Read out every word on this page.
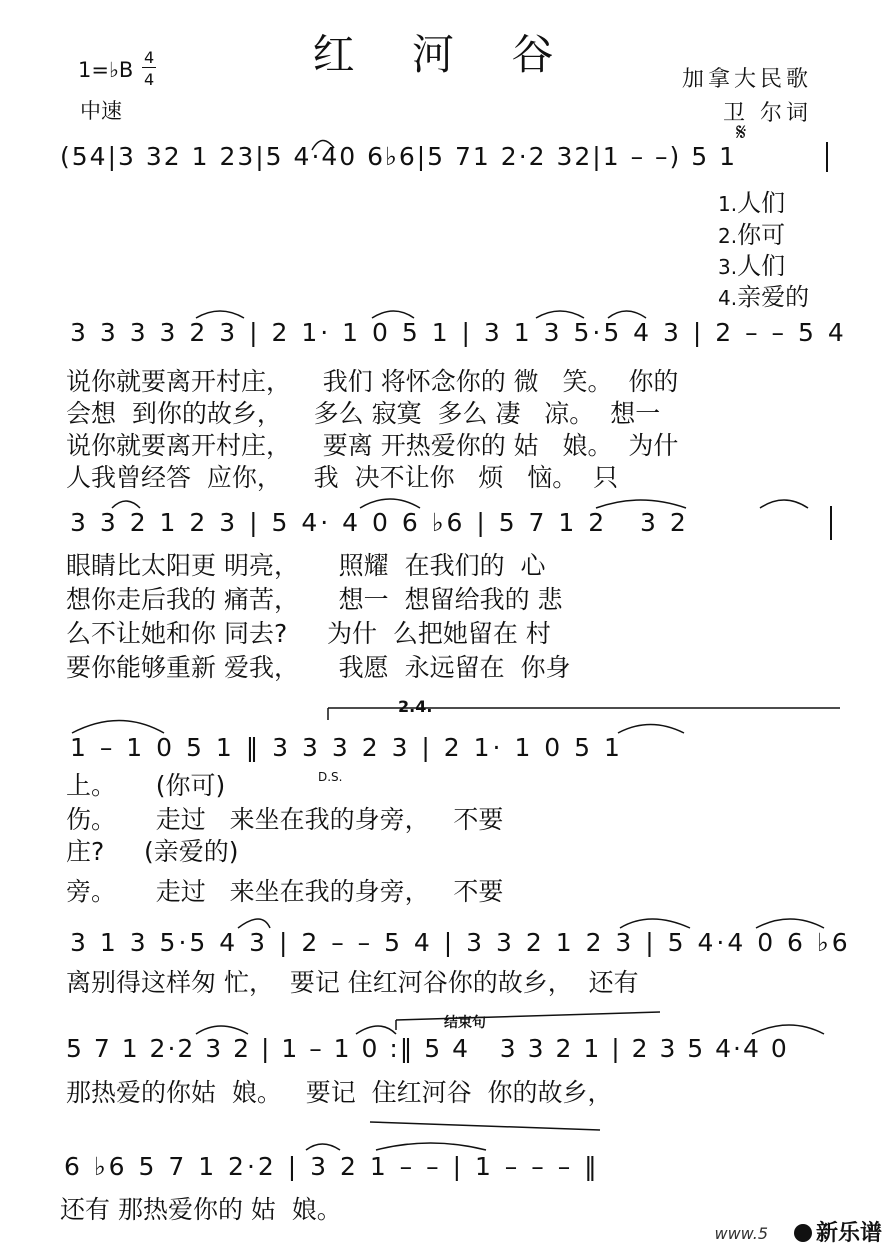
红 河 谷
1=♭B
4
4
中速
加拿大民歌
卫 尔词
(54|3 32 1 23|5 4·40 6♭6|5 71 2·2 32|1 – –) 5 1
𝄋
1.人们
2.你可
3.人们
4.亲爱的
3 3 3 3 2 3 | 2 1· 1 0 5 1 | 3 1 3 5·5 4 3 | 2 – – 5 4
说你就要离开村庄，    我们 将怀念你的 微   笑。  你的
会想  到你的故乡，    多么 寂寞  多么 凄   凉。  想一
说你就要离开村庄，    要离 开热爱你的 姑   娘。  为什
人我曾经答  应你，    我  决不让你   烦   恼。  只
3 3 2 1 2 3 | 5 4· 4 0 6 ♭6 | 5 7 1 2   3 2
眼睛比太阳更 明亮，     照耀  在我们的  心
想你走后我的 痛苦，     想一  想留给我的 悲
么不让她和你 同去?     为什  么把她留在 村
要你能够重新 爱我，     我愿  永远留在  你身
2.4.
1 – 1 0 5 1 ‖ 3 3 3 2 3 | 2 1· 1 0 5 1
D.S.
上。     (你可)
伤。     走过   来坐在我的身旁，   不要
庄?     (亲爱的)
旁。     走过   来坐在我的身旁，   不要
3 1 3 5·5 4 3 | 2 – – 5 4 | 3 3 2 1 2 3 | 5 4·4 0 6 ♭6
离别得这样匆 忙，  要记 住红河谷你的故乡，  还有
结束句
5 7 1 2·2 3 2 | 1 – 1 0 :‖ 5 4   3 3 2 1 | 2 3 5 4·4 0
那热爱的你姑  娘。   要记  住红河谷  你的故乡，
6 ♭6 5 7 1 2·2 | 3 2 1 – – | 1 – – – ‖
还有 那热爱你的 姑  娘。
www.5	新乐谱
